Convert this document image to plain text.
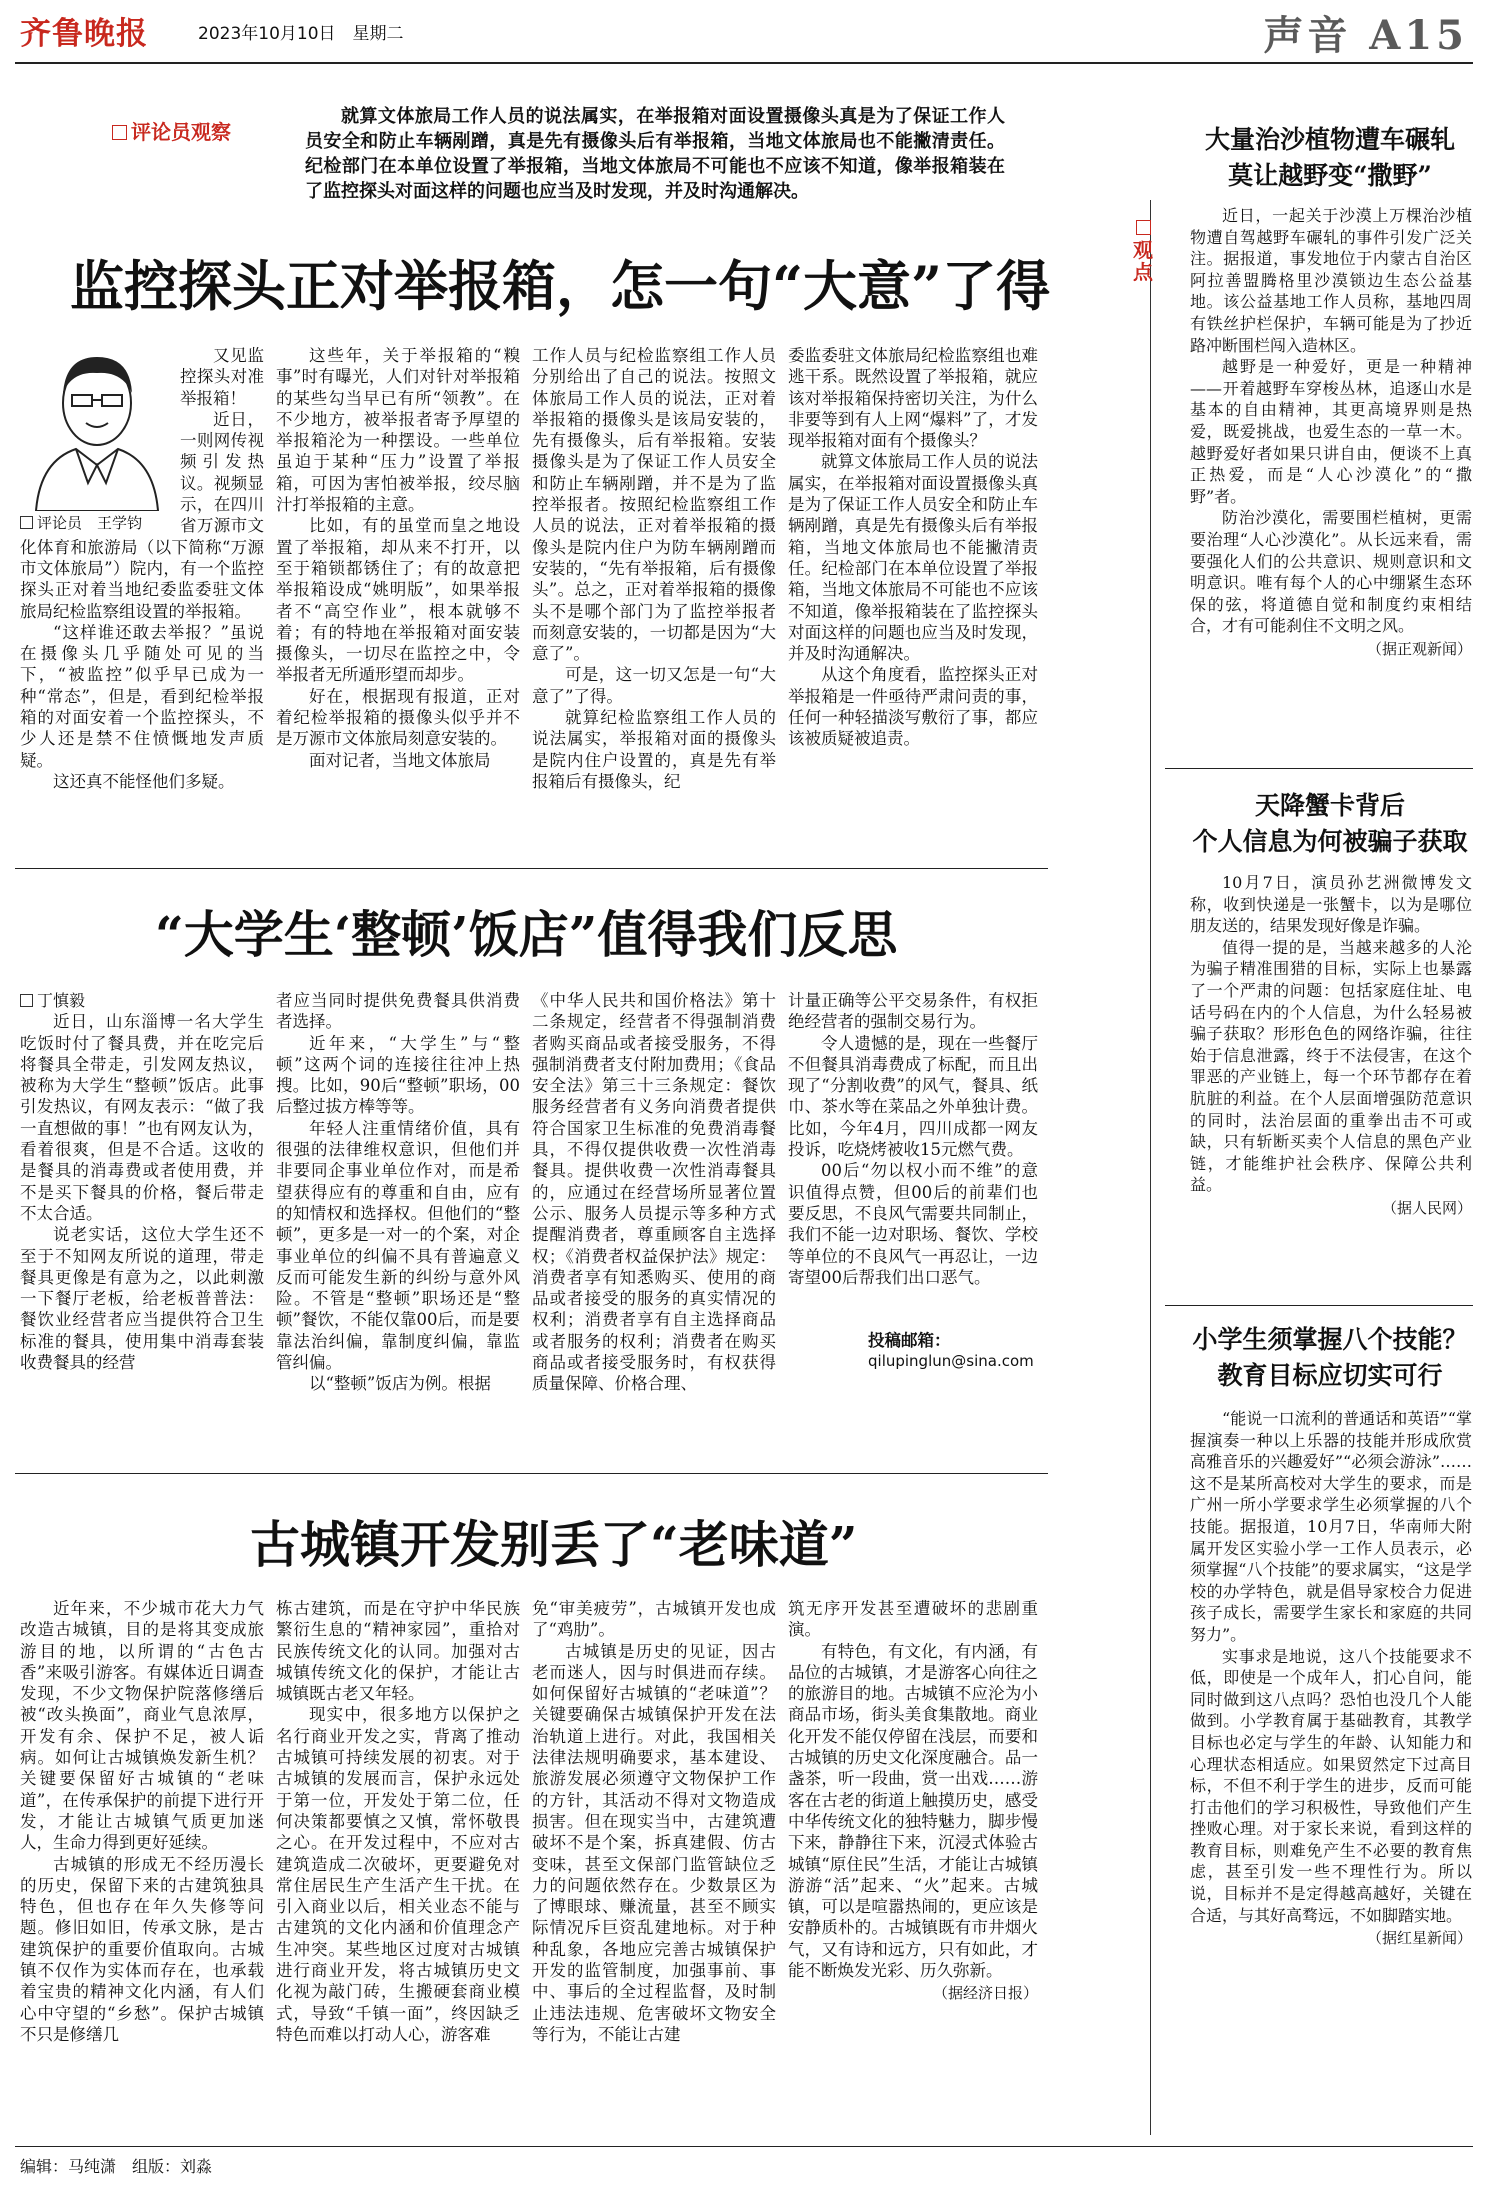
齐鲁晚报	2023年10月10日　星期二	声音 A15
评论员观察
就算文体旅局工作人员的说法属实，在举报箱对面设置摄像头真是为了保证工作人员安全和防止车辆剐蹭，真是先有摄像头后有举报箱，当地文体旅局也不能撇清责任。纪检部门在本单位设置了举报箱，当地文体旅局不可能也不应该不知道，像举报箱装在了监控探头对面这样的问题也应当及时发现，并及时沟通解决。
监控探头正对举报箱，怎一句“大意”了得

又见监控探头对准举报箱！

近日，一则网传视频引发热议。视频显示，在四川省万源市文化体育和旅游局（以下简称“万源市文体旅局”）院内，有一个监控探头正对着当地纪委监委驻文体旅局纪检监察组设置的举报箱。

“这样谁还敢去举报？”虽说在摄像头几乎随处可见的当下，“被监控”似乎早已成为一种“常态”，但是，看到纪检举报箱的对面安着一个监控探头，不少人还是禁不住愤慨地发声质疑。

这还真不能怪他们多疑。

评论员　王学钧

这些年，关于举报箱的“糗事”时有曝光，人们对针对举报箱的某些勾当早已有所“领教”。在不少地方，被举报者寄予厚望的举报箱沦为一种摆设。一些单位虽迫于某种“压力”设置了举报箱，可因为害怕被举报，绞尽脑汁打举报箱的主意。

比如，有的虽堂而皇之地设置了举报箱，却从来不打开，以至于箱锁都锈住了；有的故意把举报箱设成“姚明版”，如果举报者不“高空作业”，根本就够不着；有的特地在举报箱对面安装摄像头，一切尽在监控之中，令举报者无所遁形望而却步。

好在，根据现有报道，正对着纪检举报箱的摄像头似乎并不是万源市文体旅局刻意安装的。

面对记者，当地文体旅局

工作人员与纪检监察组工作人员分别给出了自己的说法。按照文体旅局工作人员的说法，正对着举报箱的摄像头是该局安装的，先有摄像头，后有举报箱。安装摄像头是为了保证工作人员安全和防止车辆剐蹭，并不是为了监控举报者。按照纪检监察组工作人员的说法，正对着举报箱的摄像头是院内住户为防车辆剐蹭而安装的，“先有举报箱，后有摄像头”。总之，正对着举报箱的摄像头不是哪个部门为了监控举报者而刻意安装的，一切都是因为“大意了”。

可是，这一切又怎是一句“大意了”了得。

就算纪检监察组工作人员的说法属实，举报箱对面的摄像头是院内住户设置的，真是先有举报箱后有摄像头，纪

委监委驻文体旅局纪检监察组也难逃干系。既然设置了举报箱，就应该对举报箱保持密切关注，为什么非要等到有人上网“爆料”了，才发现举报箱对面有个摄像头？

就算文体旅局工作人员的说法属实，在举报箱对面设置摄像头真是为了保证工作人员安全和防止车辆剐蹭，真是先有摄像头后有举报箱，当地文体旅局也不能撇清责任。纪检部门在本单位设置了举报箱，当地文体旅局不可能也不应该不知道，像举报箱装在了监控探头对面这样的问题也应当及时发现，并及时沟通解决。

从这个角度看，监控探头正对举报箱是一件亟待严肃问责的事，任何一种轻描淡写敷衍了事，都应该被质疑被追责。

“大学生‘整顿’饭店”值得我们反思

丁慎毅

近日，山东淄博一名大学生吃饭时付了餐具费，并在吃完后将餐具全带走，引发网友热议，被称为大学生“整顿”饭店。此事引发热议，有网友表示：“做了我一直想做的事！”也有网友认为，看着很爽，但是不合适。这收的是餐具的消毒费或者使用费，并不是买下餐具的价格，餐后带走不太合适。

说老实话，这位大学生还不至于不知网友所说的道理，带走餐具更像是有意为之，以此刺激一下餐厅老板，给老板普普法：餐饮业经营者应当提供符合卫生标准的餐具，使用集中消毒套装收费餐具的经营

者应当同时提供免费餐具供消费者选择。

近年来，“大学生”与“整顿”这两个词的连接往往冲上热搜。比如，90后“整顿”职场，00后整过拔方棒等等。

年轻人注重情绪价值，具有很强的法律维权意识，但他们并非要同企事业单位作对，而是希望获得应有的尊重和自由，应有的知情权和选择权。但他们的“整顿”，更多是一对一的个案，对企事业单位的纠偏不具有普遍意义反而可能发生新的纠纷与意外风险。不管是“整顿”职场还是“整顿”餐饮，不能仅靠00后，而是要靠法治纠偏，靠制度纠偏，靠监管纠偏。

以“整顿”饭店为例。根据

《中华人民共和国价格法》第十二条规定，经营者不得强制消费者购买商品或者接受服务，不得强制消费者支付附加费用；《食品安全法》第三十三条规定：餐饮服务经营者有义务向消费者提供符合国家卫生标准的免费消毒餐具，不得仅提供收费一次性消毒餐具。提供收费一次性消毒餐具的，应通过在经营场所显著位置公示、服务人员提示等多种方式提醒消费者，尊重顾客自主选择权；《消费者权益保护法》规定：消费者享有知悉购买、使用的商品或者接受的服务的真实情况的权利；消费者享有自主选择商品或者服务的权利；消费者在购买商品或者接受服务时，有权获得质量保障、价格合理、

计量正确等公平交易条件，有权拒绝经营者的强制交易行为。

令人遗憾的是，现在一些餐厅不但餐具消毒费成了标配，而且出现了“分割收费”的风气，餐具、纸巾、茶水等在菜品之外单独计费。比如，今年4月，四川成都一网友投诉，吃烧烤被收15元燃气费。

00后“勿以权小而不维”的意识值得点赞，但00后的前辈们也要反思，不良风气需要共同制止，我们不能一边对职场、餐饮、学校等单位的不良风气一再忍让，一边寄望00后帮我们出口恶气。

投稿邮箱：

qilupinglun@sina.com

古城镇开发别丢了“老味道”

近年来，不少城市花大力气改造古城镇，目的是将其变成旅游目的地，以所谓的“古色古香”来吸引游客。有媒体近日调查发现，不少文物保护院落修缮后被“改头换面”，商业气息浓厚，开发有余、保护不足，被人诟病。如何让古城镇焕发新生机？关键要保留好古城镇的“老味道”，在传承保护的前提下进行开发，才能让古城镇气质更加迷人，生命力得到更好延续。

古城镇的形成无不经历漫长的历史，保留下来的古建筑独具特色，但也存在年久失修等问题。修旧如旧，传承文脉，是古建筑保护的重要价值取向。古城镇不仅作为实体而存在，也承载着宝贵的精神文化内涵，有人们心中守望的“乡愁”。保护古城镇不只是修缮几

栋古建筑，而是在守护中华民族繁衍生息的“精神家园”，重拾对民族传统文化的认同。加强对古城镇传统文化的保护，才能让古城镇既古老又年轻。

现实中，很多地方以保护之名行商业开发之实，背离了推动古城镇可持续发展的初衷。对于古城镇的发展而言，保护永远处于第一位，开发处于第二位，任何决策都要慎之又慎，常怀敬畏之心。在开发过程中，不应对古建筑造成二次破坏，更要避免对常住居民生产生活产生干扰。在引入商业以后，相关业态不能与古建筑的文化内涵和价值理念产生冲突。某些地区过度对古城镇进行商业开发，将古城镇历史文化视为敲门砖，生搬硬套商业模式，导致“千镇一面”，终因缺乏特色而难以打动人心，游客难

免“审美疲劳”，古城镇开发也成了“鸡肋”。

古城镇是历史的见证，因古老而迷人，因与时俱进而存续。如何保留好古城镇的“老味道”？关键要确保古城镇保护开发在法治轨道上进行。对此，我国相关法律法规明确要求，基本建设、旅游发展必须遵守文物保护工作的方针，其活动不得对文物造成损害。但在现实当中，古建筑遭破坏不是个案，拆真建假、仿古变味，甚至文保部门监管缺位乏力的问题依然存在。少数景区为了博眼球、赚流量，甚至不顾实际情况斥巨资乱建地标。对于种种乱象，各地应完善古城镇保护开发的监管制度，加强事前、事中、事后的全过程监督，及时制止违法违规、危害破坏文物安全等行为，不能让古建

筑无序开发甚至遭破坏的悲剧重演。

有特色，有文化，有内涵，有品位的古城镇，才是游客心向往之的旅游目的地。古城镇不应沦为小商品市场，街头美食集散地。商业化开发不能仅停留在浅层，而要和古城镇的历史文化深度融合。品一盏茶，听一段曲，赏一出戏……游客在古老的街道上触摸历史，感受中华传统文化的独特魅力，脚步慢下来，静静往下来，沉浸式体验古城镇“原住民”生活，才能让古城镇游游“活”起来、“火”起来。古城镇，可以是喧嚣热闹的，更应该是安静质朴的。古城镇既有市井烟火气，又有诗和远方，只有如此，才能不断焕发光彩、历久弥新。

（据经济日报）
观
点
大量治沙植物遭车碾轧
莫让越野变“撒野”

近日，一起关于沙漠上万棵治沙植物遭自驾越野车碾轧的事件引发广泛关注。据报道，事发地位于内蒙古自治区阿拉善盟腾格里沙漠锁边生态公益基地。该公益基地工作人员称，基地四周有铁丝护栏保护，车辆可能是为了抄近路冲断围栏闯入造林区。

越野是一种爱好，更是一种精神——开着越野车穿梭丛林，追逐山水是基本的自由精神，其更高境界则是热爱，既爱挑战，也爱生态的一草一木。越野爱好者如果只讲自由，便谈不上真正热爱，而是“人心沙漠化”的“撒野”者。

防治沙漠化，需要围栏植树，更需要治理“人心沙漠化”。从长远来看，需要强化人们的公共意识、规则意识和文明意识。唯有每个人的心中绷紧生态环保的弦，将道德自觉和制度约束相结合，才有可能刹住不文明之风。

（据正观新闻）
天降蟹卡背后
个人信息为何被骗子获取

10月7日，演员孙艺洲微博发文称，收到快递是一张蟹卡，以为是哪位朋友送的，结果发现好像是诈骗。

值得一提的是，当越来越多的人沦为骗子精准围猎的目标，实际上也暴露了一个严肃的问题：包括家庭住址、电话号码在内的个人信息，为什么轻易被骗子获取？形形色色的网络诈骗，往往始于信息泄露，终于不法侵害，在这个罪恶的产业链上，每一个环节都存在着肮脏的利益。在个人层面增强防范意识的同时，法治层面的重拳出击不可或缺，只有斩断买卖个人信息的黑色产业链，才能维护社会秩序、保障公共利益。

（据人民网）
小学生须掌握八个技能？
教育目标应切实可行

“能说一口流利的普通话和英语”“掌握演奏一种以上乐器的技能并形成欣赏高雅音乐的兴趣爱好”“必须会游泳”……这不是某所高校对大学生的要求，而是广州一所小学要求学生必须掌握的八个技能。据报道，10月7日，华南师大附属开发区实验小学一工作人员表示，必须掌握“八个技能”的要求属实，“这是学校的办学特色，就是倡导家校合力促进孩子成长，需要学生家长和家庭的共同努力”。

实事求是地说，这八个技能要求不低，即使是一个成年人，扪心自问，能同时做到这八点吗？恐怕也没几个人能做到。小学教育属于基础教育，其教学目标也必定与学生的年龄、认知能力和心理状态相适应。如果贸然定下过高目标，不但不利于学生的进步，反而可能打击他们的学习积极性，导致他们产生挫败心理。对于家长来说，看到这样的教育目标，则难免产生不必要的教育焦虑，甚至引发一些不理性行为。所以说，目标并不是定得越高越好，关键在合适，与其好高骛远，不如脚踏实地。

（据红星新闻）
编辑：马纯潇　组版：刘淼
